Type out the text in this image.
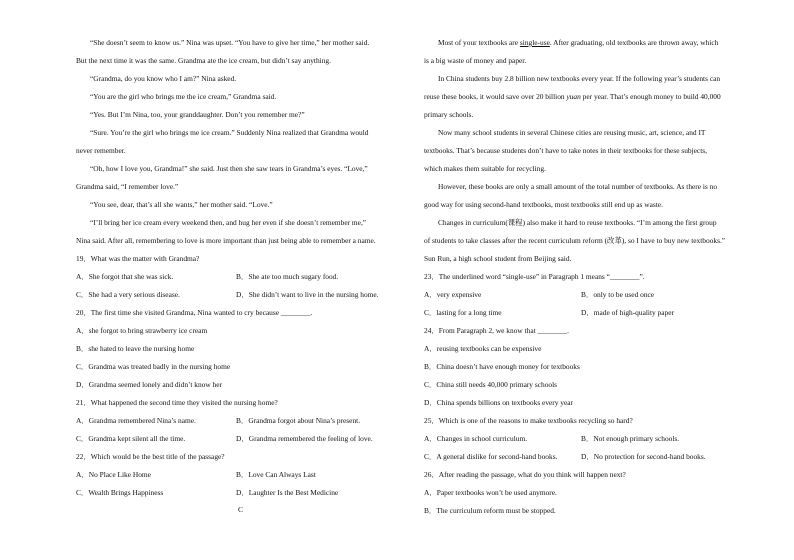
“She doesn’t seem to know us.” Nina was upset. “You have to give her time,” her mother said.

But the next time it was the same. Grandma ate the ice cream, but didn’t say anything.

“Grandma, do you know who I am?” Nina asked.

“You are the girl who brings me the ice cream,” Grandma said.

“Yes. But I’m Nina, too, your granddaughter. Don’t you remember me?”

“Sure. You’re the girl who brings me ice cream.” Suddenly Nina realized that Grandma would

never remember.

“Oh, how I love you, Grandma!” she said. Just then she saw tears in Grandma’s eyes. “Love,”

Grandma said, “I remember love.”

“You see, dear, that’s all she wants,” her mother said. “Love.”

“I’ll bring her ice cream every weekend then, and hug her even if she doesn’t remember me,”

Nina said. After all, remembering to love is more important than just being able to remember a name.

19．What was the matter with Grandma?

A．She forgot that she was sick.	B．She ate too much sugary food.
C．She had a very serious disease.	D．She didn’t want to live in the nursing home.

20．The first time she visited Grandma, Nina wanted to cry because ________.

A．she forgot to bring strawberry ice cream

B．she hated to leave the nursing home

C．Grandma was treated badly in the nursing home

D．Grandma seemed lonely and didn’t know her

21．What happened the second time they visited the nursing home?

A．Grandma remembered Nina’s name.	B．Grandma forgot about Nina’s present.
C．Grandma kept silent all the time.	D．Grandma remembered the feeling of love.

22．Which would be the best title of the passage?

A．No Place Like Home	B．Love Can Always Last
C．Wealth Brings Happiness	D．Laughter Is the Best Medicine

Most of your textbooks are single-use. After graduating, old textbooks are thrown away, which

is a big waste of money and paper.

In China students buy 2.8 billion new textbooks every year. If the following year’s students can

reuse these books, it would save over 20 billion yuan per year. That’s enough money to build 40,000

primary schools.

Now many school students in several Chinese cities are reusing music, art, science, and IT

textbooks. That’s because students don’t have to take notes in their textbooks for these subjects,

which makes them suitable for recycling.

However, these books are only a small amount of the total number of textbooks. As there is no

good way for using second-hand textbooks, most textbooks still end up as waste.

Changes in curriculum(课程) also make it hard to reuse textbooks. “I’m among the first group

of students to take classes after the recent curriculum reform (改革), so I have to buy new textbooks.”

Sun Run, a high school student from Beijing said.

23．The underlined word “single-use” in Paragraph 1 means “________”.

A．very expensive	B．only to be used once
C．lasting for a long time	D．made of high-quality paper

24．From Paragraph 2, we know that ________.

A．reusing textbooks can be expensive

B．China doesn’t have enough money for textbooks

C．China still needs 40,000 primary schools

D．China spends billions on textbooks every year

25．Which is one of the reasons to make textbooks recycling so hard?

A．Changes in school curriculum.	B．Not enough primary schools.
C．A general dislike for second-hand books.	D．No protection for second-hand books.

26．After reading the passage, what do you think will happen next?

A．Paper textbooks won’t be used anymore.

B．The curriculum reform must be stopped.

C
